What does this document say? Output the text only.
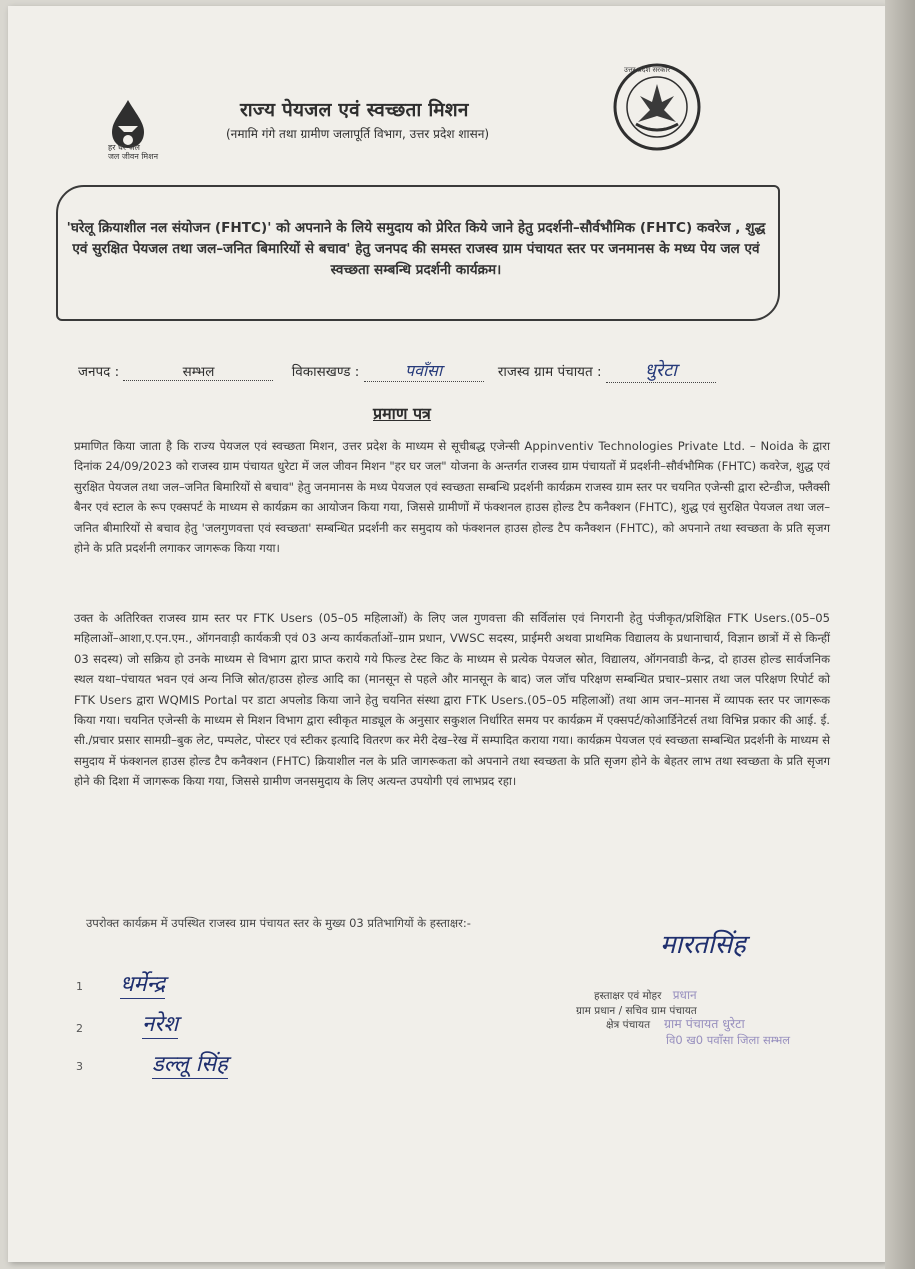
हर घर जल
जल जीवन मिशन
राज्य पेयजल एवं स्वच्छता मिशन
(नमामि गंगे तथा ग्रामीण जलापूर्ति विभाग, उत्तर प्रदेश शासन)
उत्तर प्रदेश सरकार
'घरेलू क्रियाशील नल संयोजन (FHTC)' को अपनाने के लिये समुदाय को प्रेरित किये जाने हेतु प्रदर्शनी–सौर्वभौमिक (FHTC) कवरेज , शुद्ध एवं सुरक्षित पेयजल तथा जल–जनित बिमारियों से बचाव' हेतु जनपद की समस्त राजस्व ग्राम पंचायत स्तर पर जनमानस के मध्य पेय जल एवं स्वच्छता सम्बन्धि प्रदर्शनी कार्यक्रम।
जनपद :	सम्भल	विकासखण्ड :	पवाँसा	राजस्व ग्राम पंचायत : धुरेटा
प्रमाण पत्र
प्रमाणित किया जाता है कि राज्य पेयजल एवं स्वच्छता मिशन, उत्तर प्रदेश के माध्यम से सूचीबद्ध एजेन्सी Appinventiv Technologies Private Ltd. – Noida के द्वारा दिनांक 24/09/2023 को राजस्व ग्राम पंचायत धुरेटा में जल जीवन मिशन "हर घर जल" योजना के अन्तर्गत राजस्व ग्राम पंचायतों में प्रदर्शनी–सौर्वभौमिक (FHTC) कवरेज, शुद्ध एवं सुरक्षित पेयजल तथा जल–जनित बिमारियों से बचाव" हेतु जनमानस के मध्य पेयजल एवं स्वच्छता सम्बन्धि प्रदर्शनी कार्यक्रम राजस्व ग्राम स्तर पर चयनित एजेन्सी द्वारा स्टेन्डीज, फ्लैक्सी बैनर एवं स्टाल के रूप एक्सपर्ट के माध्यम से कार्यक्रम का आयोजन किया गया, जिससे ग्रामीणों में फंक्शनल हाउस होल्ड टैप कनैक्शन (FHTC), शुद्ध एवं सुरक्षित पेयजल तथा जल–जनित बीमारियों से बचाव हेतु 'जलगुणवत्ता एवं स्वच्छता' सम्बन्धित प्रदर्शनी कर समुदाय को फंक्शनल हाउस होल्ड टैप कनैक्शन (FHTC), को अपनाने तथा स्वच्छता के प्रति सृजग होने के प्रति प्रदर्शनी लगाकर जागरूक किया गया।
उक्त के अतिरिक्त राजस्व ग्राम स्तर पर FTK Users (05–05 महिलाओं) के लिए जल गुणवत्ता की सर्विलांस एवं निगरानी हेतु पंजीकृत/प्रशिक्षित FTK Users.(05–05 महिलाओं–आशा,ए.एन.एम., ऑगनवाड़ी कार्यकत्री एवं 03 अन्य कार्यकर्ताओं–ग्राम प्रधान, VWSC सदस्य, प्राईमरी अथवा प्राथमिक विद्यालय के प्रधानाचार्य, विज्ञान छात्रों में से किन्हीं 03 सदस्य) जो सक्रिय हो उनके माध्यम से विभाग द्वारा प्राप्त कराये गये फिल्ड टेस्ट किट के माध्यम से प्रत्येक पेयजल स्रोत, विद्यालय, ऑगनवाडी केन्द्र, दो हाउस होल्ड सार्वजनिक स्थल यथा–पंचायत भवन एवं अन्य निजि स्रोत/हाउस होल्ड आदि का (मानसून से पहले और मानसून के बाद) जल जॉच परिक्षण सम्बन्धित प्रचार–प्रसार तथा जल परिक्षण रिपोर्ट को FTK Users द्वारा WQMIS Portal पर डाटा अपलोड किया जाने हेतु चयनित संस्था द्वारा FTK Users.(05–05 महिलाओं) तथा आम जन–मानस में व्यापक स्तर पर जागरूक किया गया। चयनित एजेन्सी के माध्यम से मिशन विभाग द्वारा स्वीकृत माड्यूल के अनुसार सकुशल निर्धारित समय पर कार्यक्रम में एक्सपर्ट/कोआर्डिनेटर्स तथा विभिन्न प्रकार की आई. ई. सी./प्रचार प्रसार सामग्री–बुक लेट, पम्पलेट, पोस्टर एवं स्टीकर इत्यादि वितरण कर मेरी देख–रेख में सम्पादित कराया गया। कार्यक्रम पेयजल एवं स्वच्छता सम्बन्धित प्रदर्शनी के माध्यम से समुदाय में फंक्शनल हाउस होल्ड टैप कनैक्शन (FHTC) क्रियाशील नल के प्रति जागरूकता को अपनाने तथा स्वच्छता के प्रति सृजग होने के बेहतर लाभ तथा स्वच्छता के प्रति सृजग होने की दिशा में जागरूक किया गया, जिससे ग्रामीण जनसमुदाय के लिए अत्यन्त उपयोगी एवं लाभप्रद रहा।
उपरोक्त कार्यक्रम में उपस्थित राजस्व ग्राम पंचायत स्तर के मुख्य 03 प्रतिभागियों के हस्ताक्षर:-
1 धर्मेन्द्र
2	नरेश
3	डल्लू सिंह
मारतसिंह
हस्ताक्षर एवं मोहर प्रधान
ग्राम प्रधान / सचिव ग्राम पंचायत
क्षेत्र पंचायत	ग्राम पंचायत धुरेटा
वि0 ख0 पवाँसा जिला सम्भल
